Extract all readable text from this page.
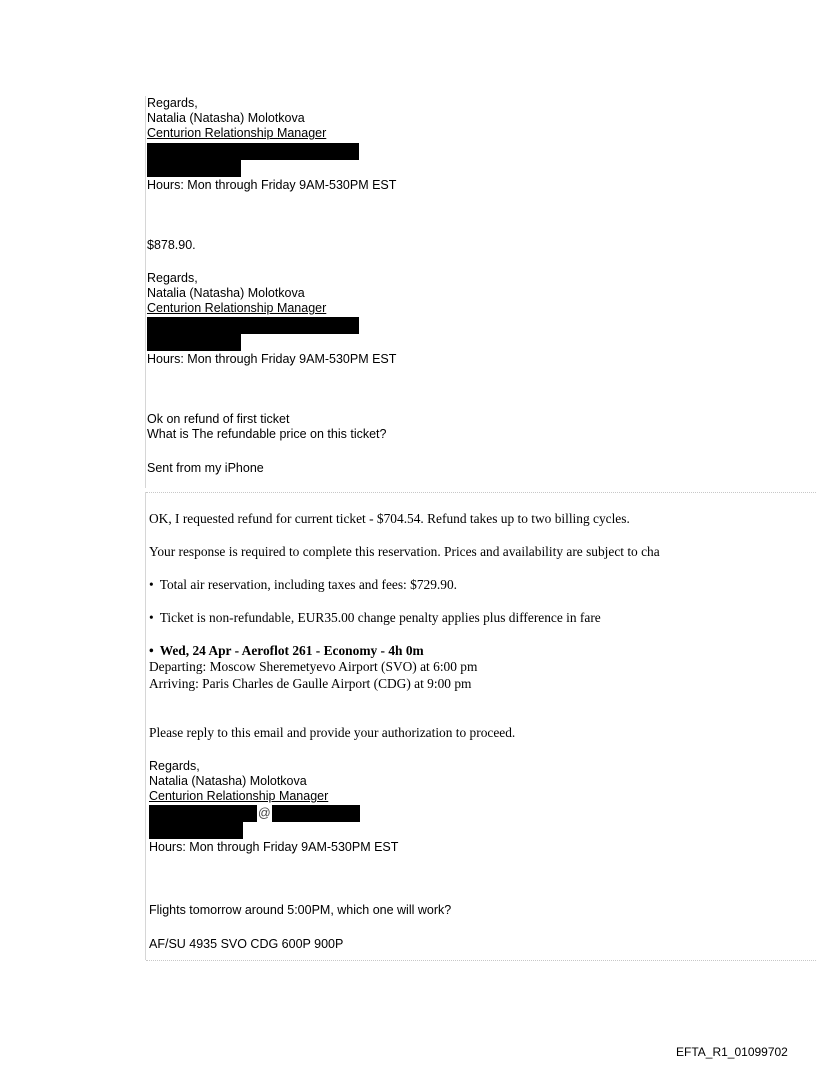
Regards,
Natalia (Natasha) Molotkova
Centurion Relationship Manager
Hours: Mon through Friday 9AM-530PM EST
$878.90.
Regards,
Natalia (Natasha) Molotkova
Centurion Relationship Manager
Hours: Mon through Friday 9AM-530PM EST
Ok on refund of first ticket
What is The refundable price on this ticket?
Sent from my iPhone
OK, I requested refund for current ticket - $704.54. Refund takes up to two billing cycles.
Your response is required to complete this reservation. Prices and availability are subject to cha
• Total air reservation, including taxes and fees: $729.90.
• Ticket is non-refundable, EUR35.00 change penalty applies plus difference in fare
• Wed, 24 Apr - Aeroflot 261 - Economy - 4h 0m
Departing: Moscow Sheremetyevo Airport (SVO) at 6:00 pm
Arriving: Paris Charles de Gaulle Airport (CDG) at 9:00 pm
Please reply to this email and provide your authorization to proceed.
Regards,
Natalia (Natasha) Molotkova
Centurion Relationship Manager
@
Hours: Mon through Friday 9AM-530PM EST
Flights tomorrow around 5:00PM, which one will work?
AF/SU 4935 SVO CDG 600P 900P
EFTA_R1_01099702
